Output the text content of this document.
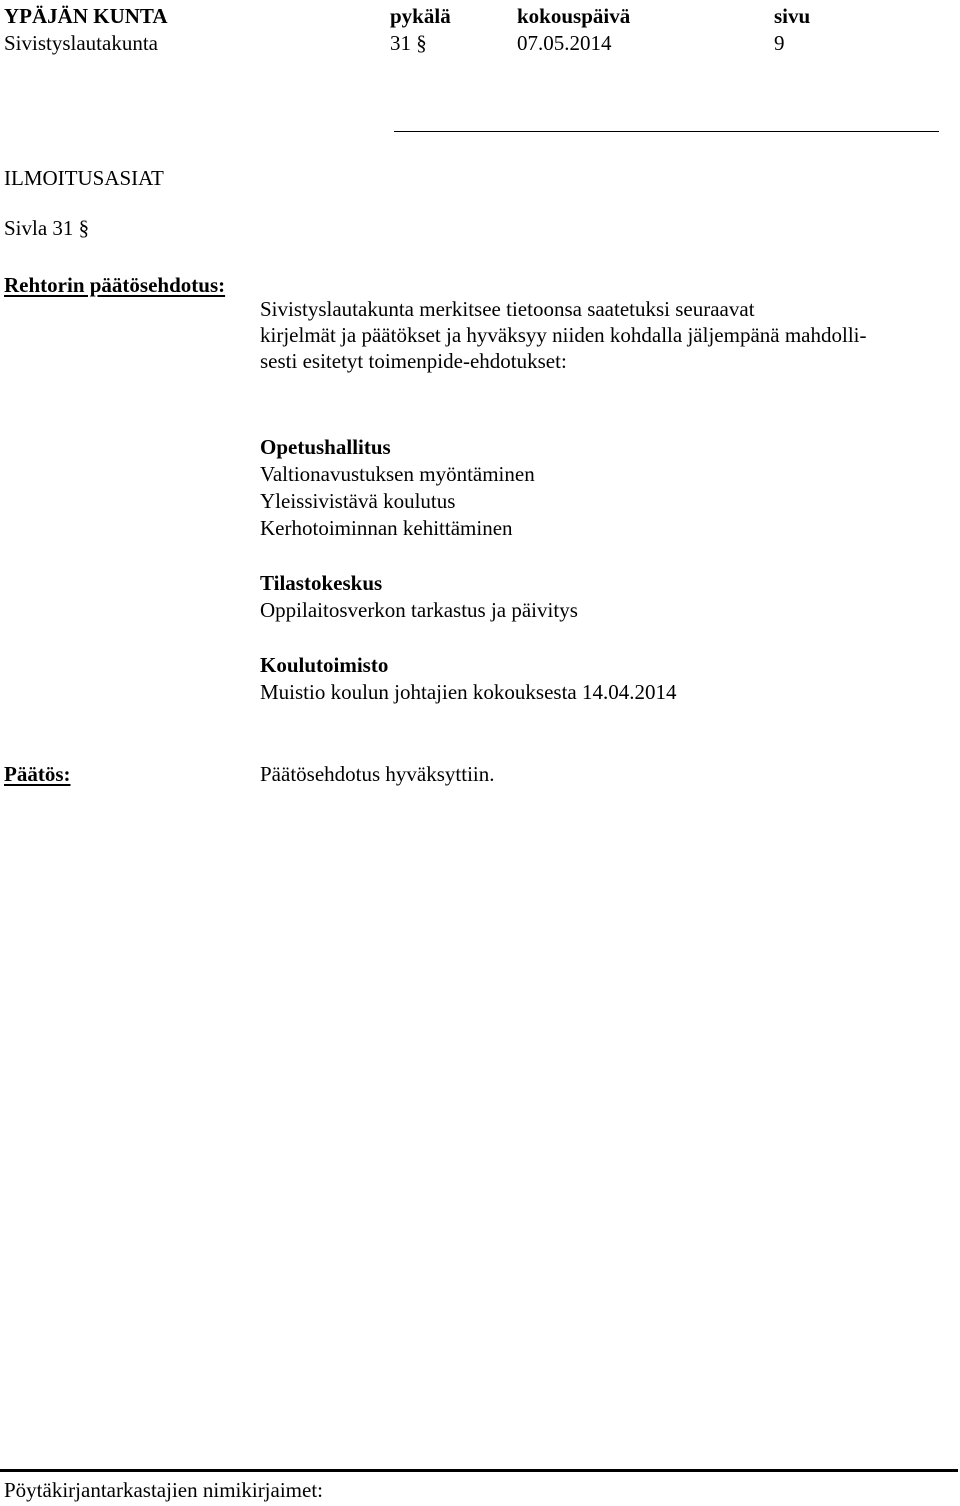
YPÄJÄN KUNTA	pykälä	kokouspäivä	sivu
Sivistyslautakunta	31 §	07.05.2014	9
ILMOITUSASIAT
Sivla 31 §
Rehtorin päätösehdotus:
Sivistyslautakunta merkitsee tietoonsa saatetuksi seuraavat
kirjelmät ja päätökset ja hyväksyy niiden kohdalla jäljempänä mahdolli-
sesti esitetyt toimenpide-ehdotukset:
Opetushallitus
Valtionavustuksen myöntäminen
Yleissivistävä koulutus
Kerhotoiminnan kehittäminen
Tilastokeskus
Oppilaitosverkon tarkastus ja päivitys
Koulutoimisto
Muistio koulun johtajien kokouksesta 14.04.2014
Päätös:	Päätösehdotus hyväksyttiin.
Pöytäkirjantarkastajien nimikirjaimet:
